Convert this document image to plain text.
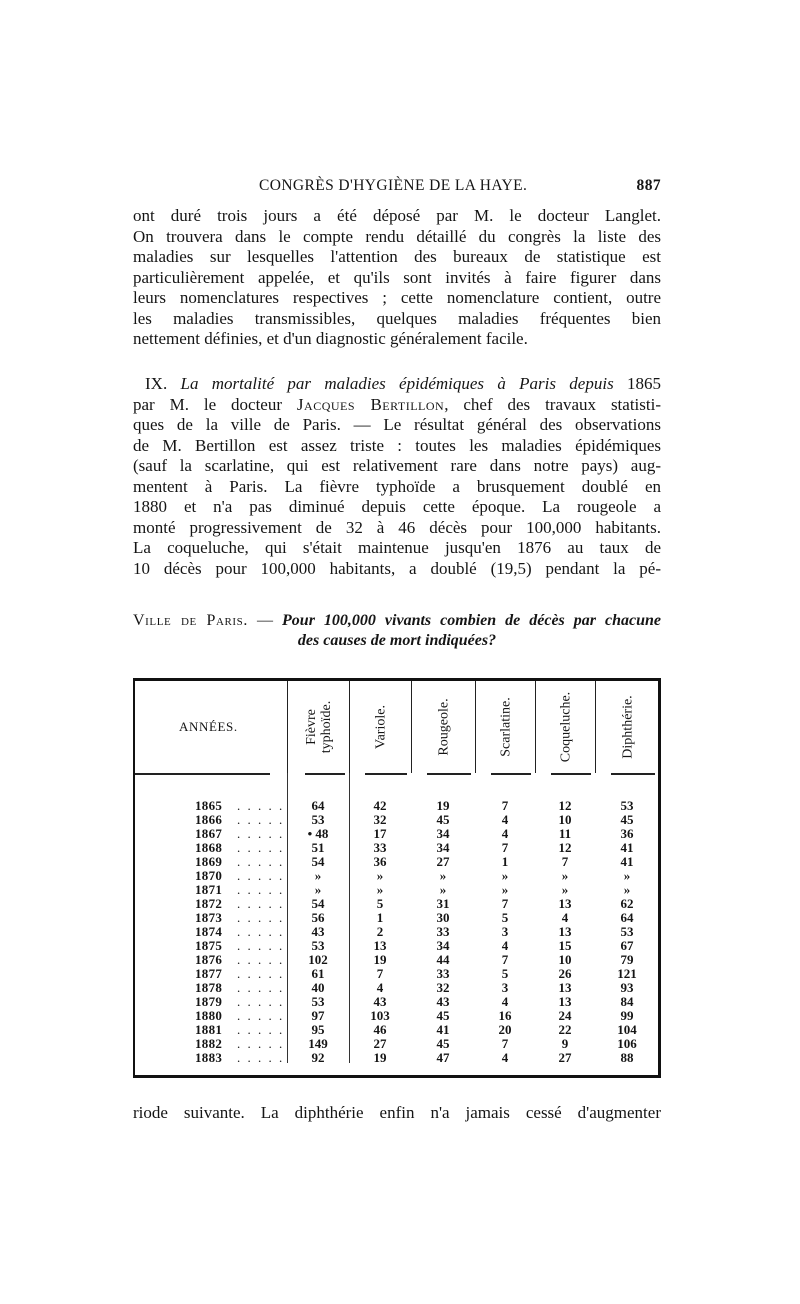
CONGRÈS D'HYGIÈNE DE LA HAYE.	887
ont duré trois jours a été déposé par M. le docteur Langlet.
On trouvera dans le compte rendu détaillé du congrès la liste des
maladies sur lesquelles l'attention des bureaux de statistique est
particulièrement appelée, et qu'ils sont invités à faire figurer dans
leurs nomenclatures respectives ; cette nomenclature contient, outre
les maladies transmissibles, quelques maladies fréquentes bien
nettement définies, et d'un diagnostic généralement facile.
IX. La mortalité par maladies épidémiques à Paris depuis 1865
par M. le docteur Jacques Bertillon, chef des travaux statisti-
ques de la ville de Paris. — Le résultat général des observations
de M. Bertillon est assez triste : toutes les maladies épidémiques
(sauf la scarlatine, qui est relativement rare dans notre pays) aug-
mentent à Paris. La fièvre typhoïde a brusquement doublé en
1880 et n'a pas diminué depuis cette époque. La rougeole a
monté progressivement de 32 à 46 décès pour 100,000 habitants.
La coqueluche, qui s'était maintenue jusqu'en 1876 au taux de
10 décès pour 100,000 habitants, a doublé (19,5) pendant la pé-
Ville de Paris. — Pour 100,000 vivants combien de décès par chacune
des causes de mort indiquées?
ANNÉES.	Fièvre typhoïde.	Variole.	Rougeole.	Scarlatine.	Coqueluche.	Diphthérie.
1865 . . . . .	64	42	19	7	12	53
1866 . . . . .	53	32	45	4	10	45
1867 . . . . .	• 48	17	34	4	11	36
1868 . . . . .	51	33	34	7	12	41
1869 . . . . .	54	36	27	1	7	41
1870 . . . . .	»	»	»	»	»	»
1871 . . . . .	»	»	»	»	»	»
1872 . . . . .	54	5	31	7	13	62
1873 . . . . .	56	1	30	5	4	64
1874 . . . . .	43	2	33	3	13	53
1875 . . . . .	53	13	34	4	15	67
1876 . . . . .	102	19	44	7	10	79
1877 . . . . .	61	7	33	5	26	121
1878 . . . . .	40	4	32	3	13	93
1879 . . . . .	53	43	43	4	13	84
1880 . . . . .	97	103	45	16	24	99
1881 . . . . .	95	46	41	20	22	104
1882 . . . . .	149	27	45	7	9	106
1883 . . . . .	92	19	47	4	27	88
riode suivante. La diphthérie enfin n'a jamais cessé d'augmenter
